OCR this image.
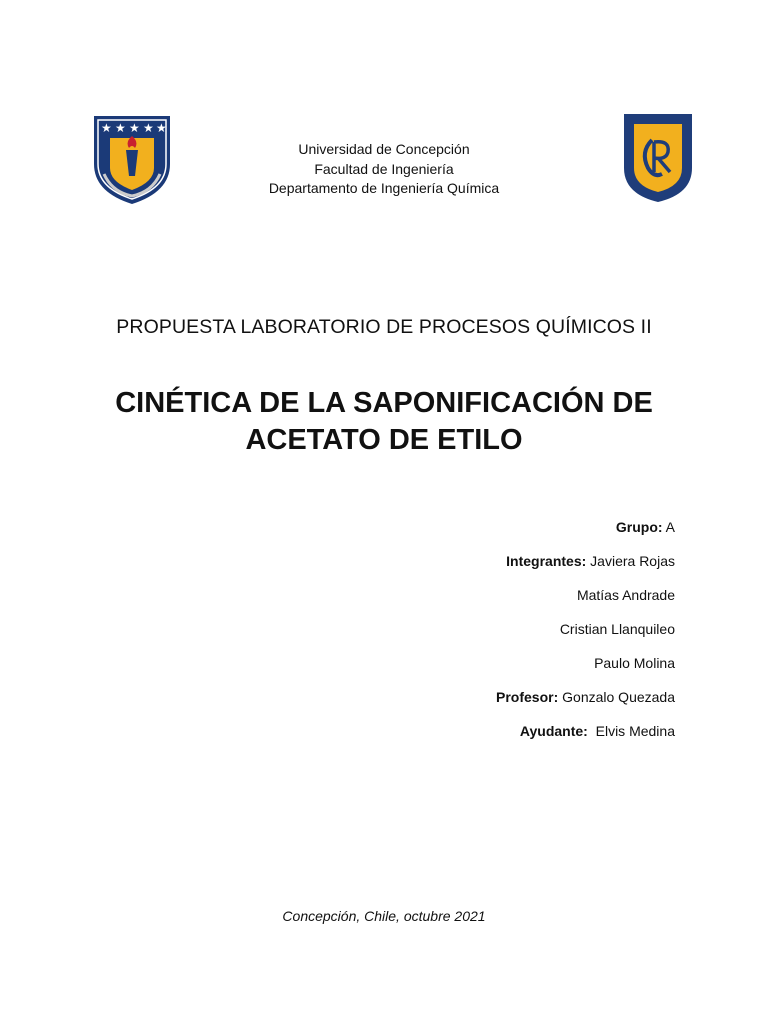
★ ★ ★ ★ ★
Universidad de Concepción
Facultad de Ingeniería
Departamento de Ingeniería Química
PROPUESTA LABORATORIO DE PROCESOS QUÍMICOS II
CINÉTICA DE LA SAPONIFICACIÓN DE
ACETATO DE ETILO
Grupo: A
Integrantes: Javiera Rojas
Matías Andrade
Cristian Llanquileo
Paulo Molina
Profesor: Gonzalo Quezada
Ayudante: Elvis Medina
Concepción, Chile, octubre 2021
